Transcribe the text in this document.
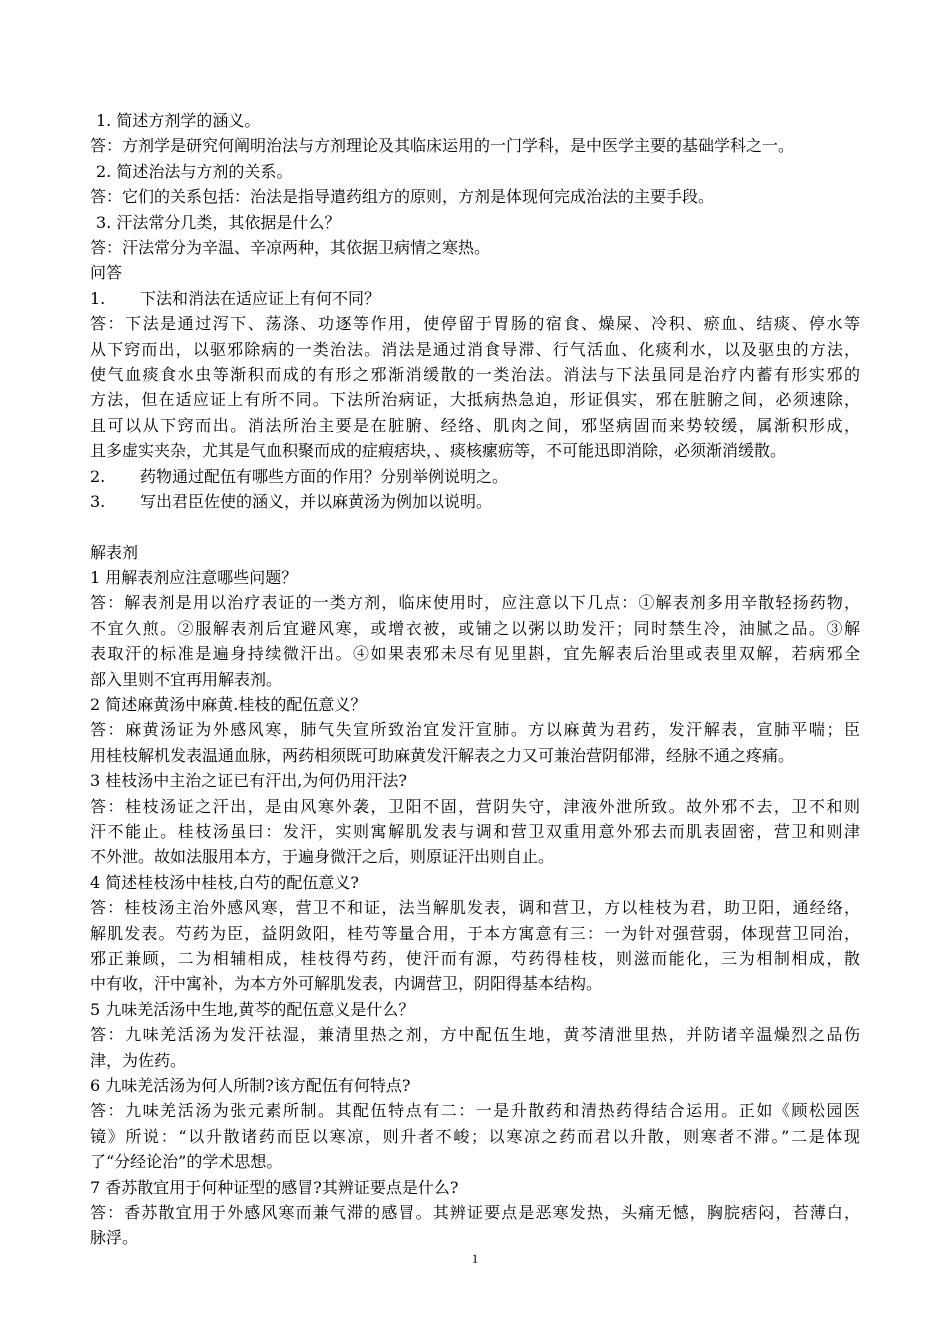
1. 简述方剂学的涵义。
答：方剂学是研究何阐明治法与方剂理论及其临床运用的一门学科，是中医学主要的基础学科之一。
2. 简述治法与方剂的关系。
答：它们的关系包括：治法是指导遣药组方的原则，方剂是体现何完成治法的主要手段。
3. 汗法常分几类，其依据是什么？
答：汗法常分为辛温、辛凉两种，其依据卫病情之寒热。
问答
1. 下法和消法在适应证上有何不同？
答：下法是通过泻下、荡涤、功逐等作用，使停留于胃肠的宿食、燥屎、冷积、瘀血、结痰、停水等
从下窍而出，以驱邪除病的一类治法。消法是通过消食导滞、行气活血、化痰利水，以及驱虫的方法，
使气血痰食水虫等渐积而成的有形之邪渐消缓散的一类治法。消法与下法虽同是治疗内蓄有形实邪的
方法，但在适应证上有所不同。下法所治病证，大抵病热急迫，形证俱实，邪在脏腑之间，必须速除，
且可以从下窍而出。消法所治主要是在脏腑、经络、肌肉之间，邪坚病固而来势较缓，属渐积形成，
且多虚实夹杂，尤其是气血积聚而成的症瘕痞块，、痰核瘰疬等，不可能迅即消除，必须渐消缓散。
2. 药物通过配伍有哪些方面的作用？分别举例说明之。
3. 写出君臣佐使的涵义，并以麻黄汤为例加以说明。
解表剂
1 用解表剂应注意哪些问题？
答：解表剂是用以治疗表证的一类方剂，临床使用时，应注意以下几点：①解表剂多用辛散轻扬药物，
不宜久煎。②服解表剂后宜避风寒，或增衣被，或铺之以粥以助发汗；同时禁生冷，油腻之品。③解
表取汗的标准是遍身持续微汗出。④如果表邪未尽有见里斟，宜先解表后治里或表里双解，若病邪全
部入里则不宜再用解表剂。
2 简述麻黄汤中麻黄.桂枝的配伍意义？
答：麻黄汤证为外感风寒，肺气失宣所致治宜发汗宣肺。方以麻黄为君药，发汗解表，宣肺平喘；臣
用桂枝解机发表温通血脉，两药相须既可助麻黄发汗解表之力又可兼治营阴郁滞，经脉不通之疼痛。
3 桂枝汤中主治之证已有汗出,为何仍用汗法?
答：桂枝汤证之汗出，是由风寒外袭，卫阳不固，营阴失守，津液外泄所致。故外邪不去，卫不和则
汗不能止。桂枝汤虽曰：发汗，实则寓解肌发表与调和营卫双重用意外邪去而肌表固密，营卫和则津
不外泄。故如法服用本方，于遍身微汗之后，则原证汗出则自止。
4 简述桂枝汤中桂枝,白芍的配伍意义?
答：桂枝汤主治外感风寒，营卫不和证，法当解肌发表，调和营卫，方以桂枝为君，助卫阳，通经络，
解肌发表。芍药为臣，益阴敛阳，桂芍等量合用，于本方寓意有三：一为针对强营弱，体现营卫同治，
邪正兼顾，二为相辅相成，桂枝得芍药，使汗而有源，芍药得桂枝，则滋而能化，三为相制相成，散
中有收，汗中寓补，为本方外可解肌发表，内调营卫，阴阳得基本结构。
5 九味羌活汤中生地,黄芩的配伍意义是什么？
答：九味羌活汤为发汗祛湿，兼清里热之剂，方中配伍生地，黄芩清泄里热，并防诸辛温燥烈之品伤
津，为佐药。
6 九味羌活汤为何人所制?该方配伍有何特点?
答：九味羌活汤为张元素所制。其配伍特点有二：一是升散药和清热药得结合运用。正如《顾松园医
镜》所说：“以升散诸药而臣以寒凉，则升者不峻；以寒凉之药而君以升散，则寒者不滞。”二是体现
了“分经论治”的学术思想。
7 香苏散宜用于何种证型的感冒?其辨证要点是什么?
答：香苏散宜用于外感风寒而兼气滞的感冒。其辨证要点是恶寒发热，头痛无憾，胸脘痞闷，苔薄白，
脉浮。
1
